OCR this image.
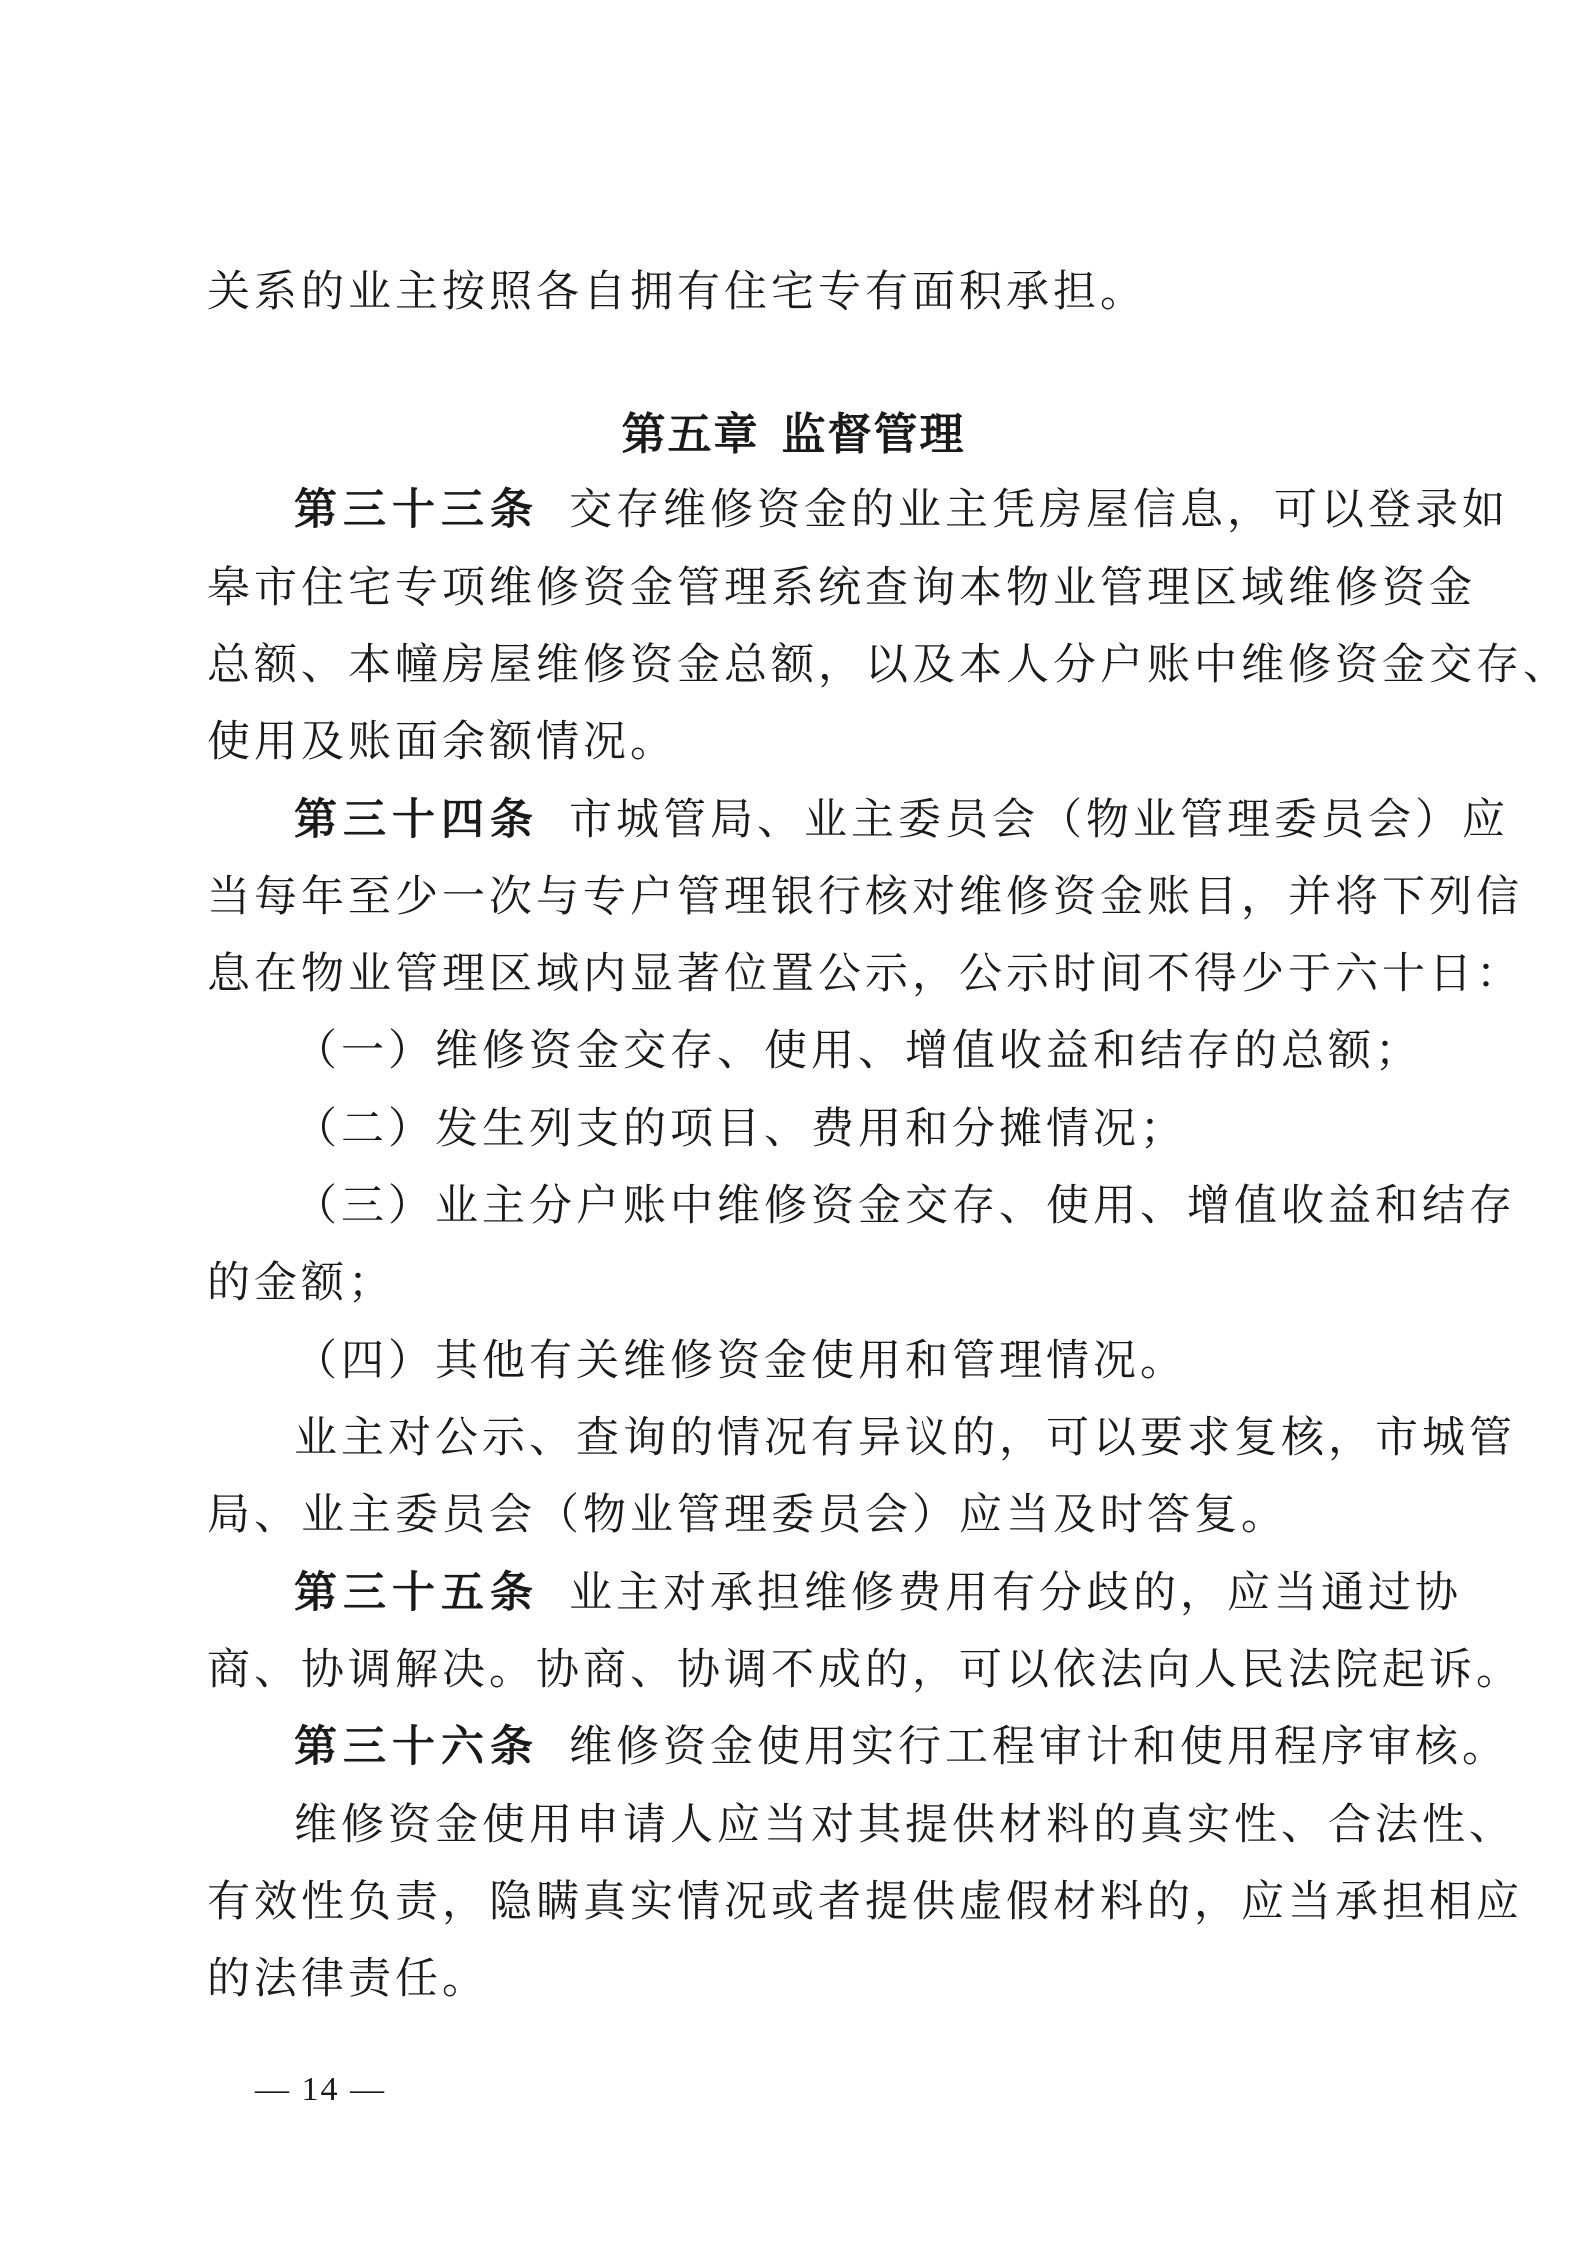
关系的业主按照各自拥有住宅专有面积承担。
第五章 监督管理
第三十三条 交存维修资金的业主凭房屋信息，可以登录如
皋市住宅专项维修资金管理系统查询本物业管理区域维修资金
总额、本幢房屋维修资金总额，以及本人分户账中维修资金交存、
使用及账面余额情况。
第三十四条 市城管局、业主委员会（物业管理委员会）应
当每年至少一次与专户管理银行核对维修资金账目，并将下列信
息在物业管理区域内显著位置公示，公示时间不得少于六十日：
（一）维修资金交存、使用、增值收益和结存的总额；
（二）发生列支的项目、费用和分摊情况；
（三）业主分户账中维修资金交存、使用、增值收益和结存
的金额；
（四）其他有关维修资金使用和管理情况。
业主对公示、查询的情况有异议的，可以要求复核，市城管
局、业主委员会（物业管理委员会）应当及时答复。
第三十五条 业主对承担维修费用有分歧的，应当通过协
商、协调解决。协商、协调不成的，可以依法向人民法院起诉。
第三十六条 维修资金使用实行工程审计和使用程序审核。
维修资金使用申请人应当对其提供材料的真实性、合法性、
有效性负责，隐瞒真实情况或者提供虚假材料的，应当承担相应
的法律责任。
— 14 —
